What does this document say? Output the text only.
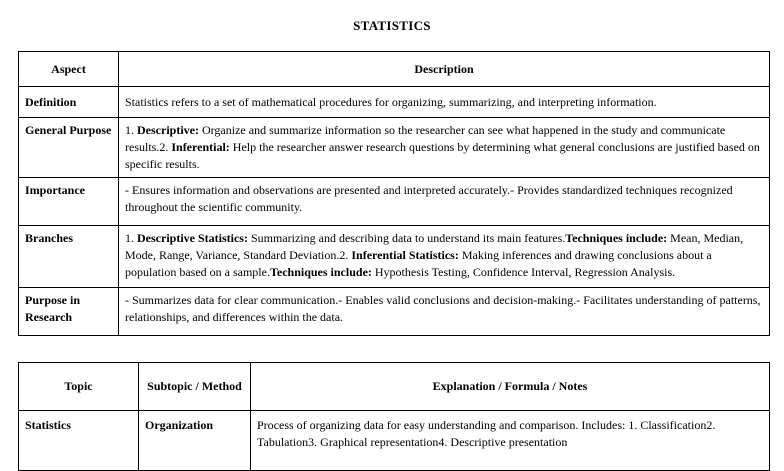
STATISTICS
Aspect	Description
Definition	Statistics refers to a set of mathematical procedures for organizing, summarizing, and interpreting information.
General Purpose	1. Descriptive: Organize and summarize information so the researcher can see what happened in the study and communicate results.2. Inferential: Help the researcher answer research questions by determining what general conclusions are justified based on specific results.
Importance	- Ensures information and observations are presented and interpreted accurately.- Provides standardized techniques recognized throughout the scientific community.
Branches	1. Descriptive Statistics: Summarizing and describing data to understand its main features.Techniques include: Mean, Median, Mode, Range, Variance, Standard Deviation.2. Inferential Statistics: Making inferences and drawing conclusions about a population based on a sample.Techniques include: Hypothesis Testing, Confidence Interval, Regression Analysis.
Purpose in Research	- Summarizes data for clear communication.- Enables valid conclusions and decision-making.- Facilitates understanding of patterns, relationships, and differences within the data.
Topic	Subtopic / Method	Explanation / Formula / Notes
Statistics	Organization	Process of organizing data for easy understanding and comparison. Includes: 1. Classification2. Tabulation3. Graphical representation4. Descriptive presentation
